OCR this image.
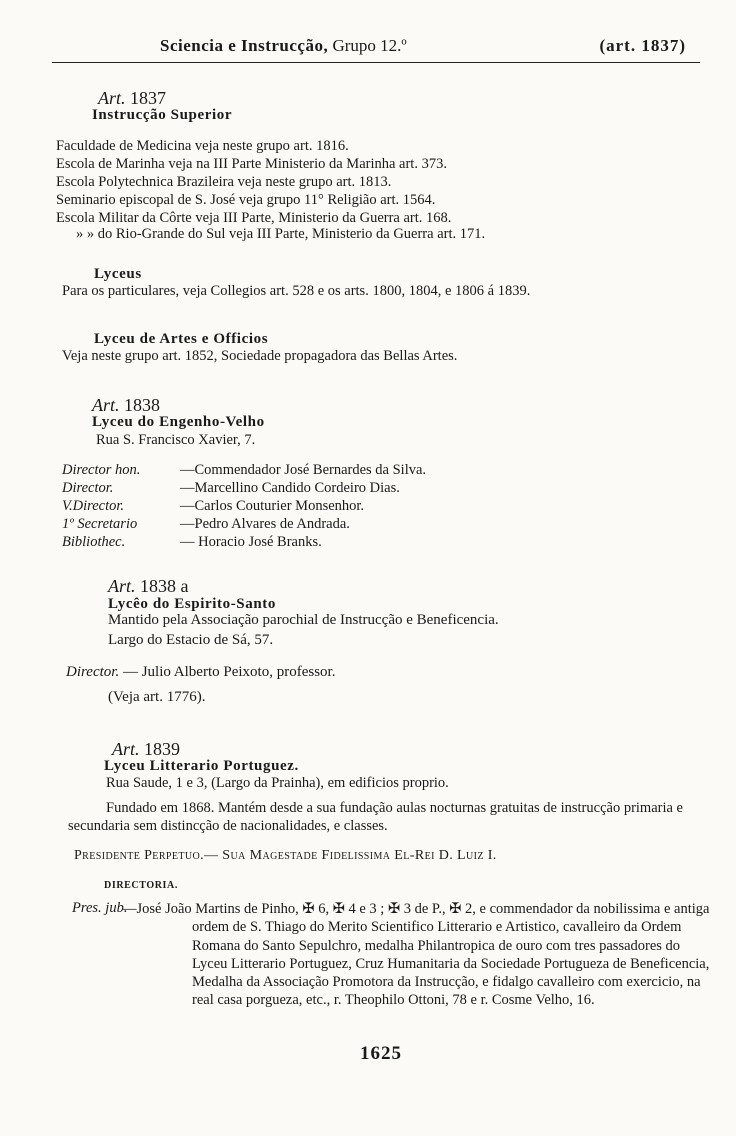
Sciencia e Instrucção, Grupo 12.º	(art. 1837)
Art. 1837
Instrucção Superior
Faculdade de Medicina veja neste grupo art. 1816.
Escola de Marinha veja na III Parte Ministerio da Marinha art. 373.
Escola Polytechnica Brazileira veja neste grupo art. 1813.
Seminario episcopal de S. José veja grupo 11° Religião art. 1564.
Escola Militar da Côrte veja III Parte, Ministerio da Guerra art. 168.
» » do Rio-Grande do Sul veja III Parte, Ministerio da Guerra art. 171.
Lyceus
Para os particulares, veja Collegios art. 528 e os arts. 1800, 1804, e 1806 á 1839.
Lyceu de Artes e Officios
Veja neste grupo art. 1852, Sociedade propagadora das Bellas Artes.
Art. 1838
Lyceu do Engenho-Velho
Rua S. Francisco Xavier, 7.
Director hon.	—Commendador José Bernardes da Silva.
Director.	—Marcellino Candido Cordeiro Dias.
V.Director.	—Carlos Couturier Monsenhor.
1º Secretario	—Pedro Alvares de Andrada.
Bibliothec.	— Horacio José Branks.
Art. 1838 a
Lycêo do Espirito-Santo
Mantido pela Associação parochial de Instrucção e Beneficencia.
Largo do Estacio de Sá, 57.
Director. — Julio Alberto Peixoto, professor.
(Veja art. 1776).
Art. 1839
Lyceu Litterario Portuguez.
Rua Saude, 1 e 3, (Largo da Prainha), em edificios proprio.
Fundado em 1868. Mantém desde a sua fundação aulas nocturnas gratuitas de instrucção primaria e secundaria sem distincção de nacionalidades, e classes.
Presidente Perpetuo.— Sua Magestade Fidelissima El-Rei D. Luiz I.
DIRECTORIA.
Pres. jub.
—José João Martins de Pinho, ✠ 6, ✠ 4 e 3 ; ✠ 3 de P., ✠ 2, e commendador da nobilissima e antiga ordem de S. Thiago do Merito Scientifico Litterario e Artistico, cavalleiro da Ordem Romana do Santo Sepulchro, medalha Philantropica de ouro com tres passadores do Lyceu Litterario Portuguez, Cruz Humanitaria da Sociedade Portugueza de Beneficencia, Medalha da Associação Promotora da Instrucção, e fidalgo cavalleiro com exercicio, na real casa porgueza, etc., r. Theophilo Ottoni, 78 e r. Cosme Velho, 16.
1625
